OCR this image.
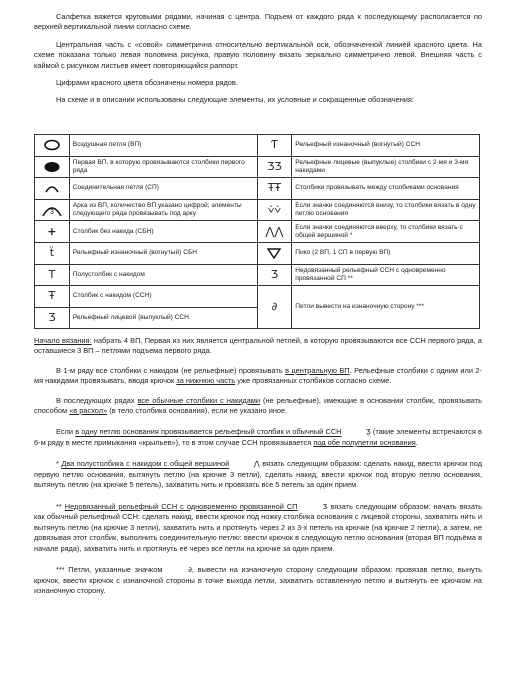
Салфетка вяжется круговыми рядами, начиная с центра. Подъем от каждого ряда к последующему располагается по верхней вертикальной линии согласно схеме.

Центральная часть с «совой» симметрична относительно вертикальной оси, обозначенной линией красного цвета. На схеме показана только левая половина рисунка, правую половину вязать зеркально симметрично левой. Внешняя часть с каймой с рисунком листьев имеет повторяющийся раппорт.

Цифрами красного цвета обозначены номера рядов.

На схеме и в описании использованы следующие элементы, их условные и сокращенные обозначения:

	Воздушная петля (ВП)	Ƭ	Рельефный изнаночный (вогнутый) ССН

	Первая ВП, в которую провязываются столбики первого ряда	ƷƷ	Рельефные лицевые (выпуклые) столбики с 2-мя и 3-мя накидами

	Соединительная петля (СП)	ŦŦ	Столбики провязывать между столбиками основания

3	Арка из ВП, количество ВП указано цифрой; элементы следующего ряда провязывать под арку	⩒⩒	Если значки соединяются внизу, то столбики вязать в одну петлю основания
+	Столбик без накида (СБН)	⋀⋀	Если значки соединяются вверху, то столбики вязать с общей вершиной *
ẗ	Рельефный изнаночный (вогнутый) СБН		Пико (2 ВП, 1 СП в первую ВП)
T	Полустолбик с накидом	Ʒ	Недовязанный рельефный ССН с одновременно провязанной СП **
Ŧ	Столбик с накидом (ССН)	∂	Петли вывести на изнаночную сторону ***
Ʒ	Рельефный лицевой (выпуклый) ССН		

Начало вязания: набрать 4 ВП. Первая из них является центральной петлей, в которую провязываются все ССН первого ряда, а оставшиеся 3 ВП – петлями подъема первого ряда.

В 1-м ряду все столбики с накидом (не рельефные) провязывать в центральную ВП. Рельефные столбики с одним или 2-мя накидами провязывать, вводя крючок за нижнюю часть уже провязанных столбиков согласно схеме.

В последующих рядах все обычные столбики с накидами (не рельефные), имеющие в основании столбик, провязывать способом «в расхол» (в тело столбика основания), если не указано иное.

Если в одну петлю основания провязывается рельефный столбик и обычный ССН	Ʒ̰ (такие элементы встречаются в 6-м ряду в месте примыкания «крыльев»), то в этом случае ССН провязывается под обе полупетли основания.

* Два полустолбика с накидом с общей вершиной	⋀ вязать следующим образом: сделать накид, ввести крючок под первую петлю основания, вытянуть петлю (на крючке 3 петли), сделать накид, ввести крючок под вторую петлю основания, вытянуть петлю (на крючке 5 петель), захватить нить и провязать все 5 петель за один прием.

** Недовязанный рельефный ССН с одновременно провязанной СП	Ʒ вязать следующим образом: начать вязать как обычный рельефный ССН: сделать накид, ввести крючок под ножку столбика основания с лицевой стороны, захватить нить и вытянуть петлю (на крючке 3 петли), захватить нить и протянуть через 2 из 3-х петель на крючке (на крючке 2 петли), а затем, не довязывая этот столбик, выполнить соединительную петлю: ввести крючок в следующую петлю основания (вторая ВП подъёма в начале ряда), захватить нить и протянуть её через все петли на крючке за один прием.

*** Петли, указанные значком	∂, вывести на изнаночную сторону следующим образом: провязав петлю, вынуть крючок, ввести крючок с изнаночной стороны в точке выхода петли, захватить оставленную петлю и вытянуть ее крючком на изнаночную сторону.
